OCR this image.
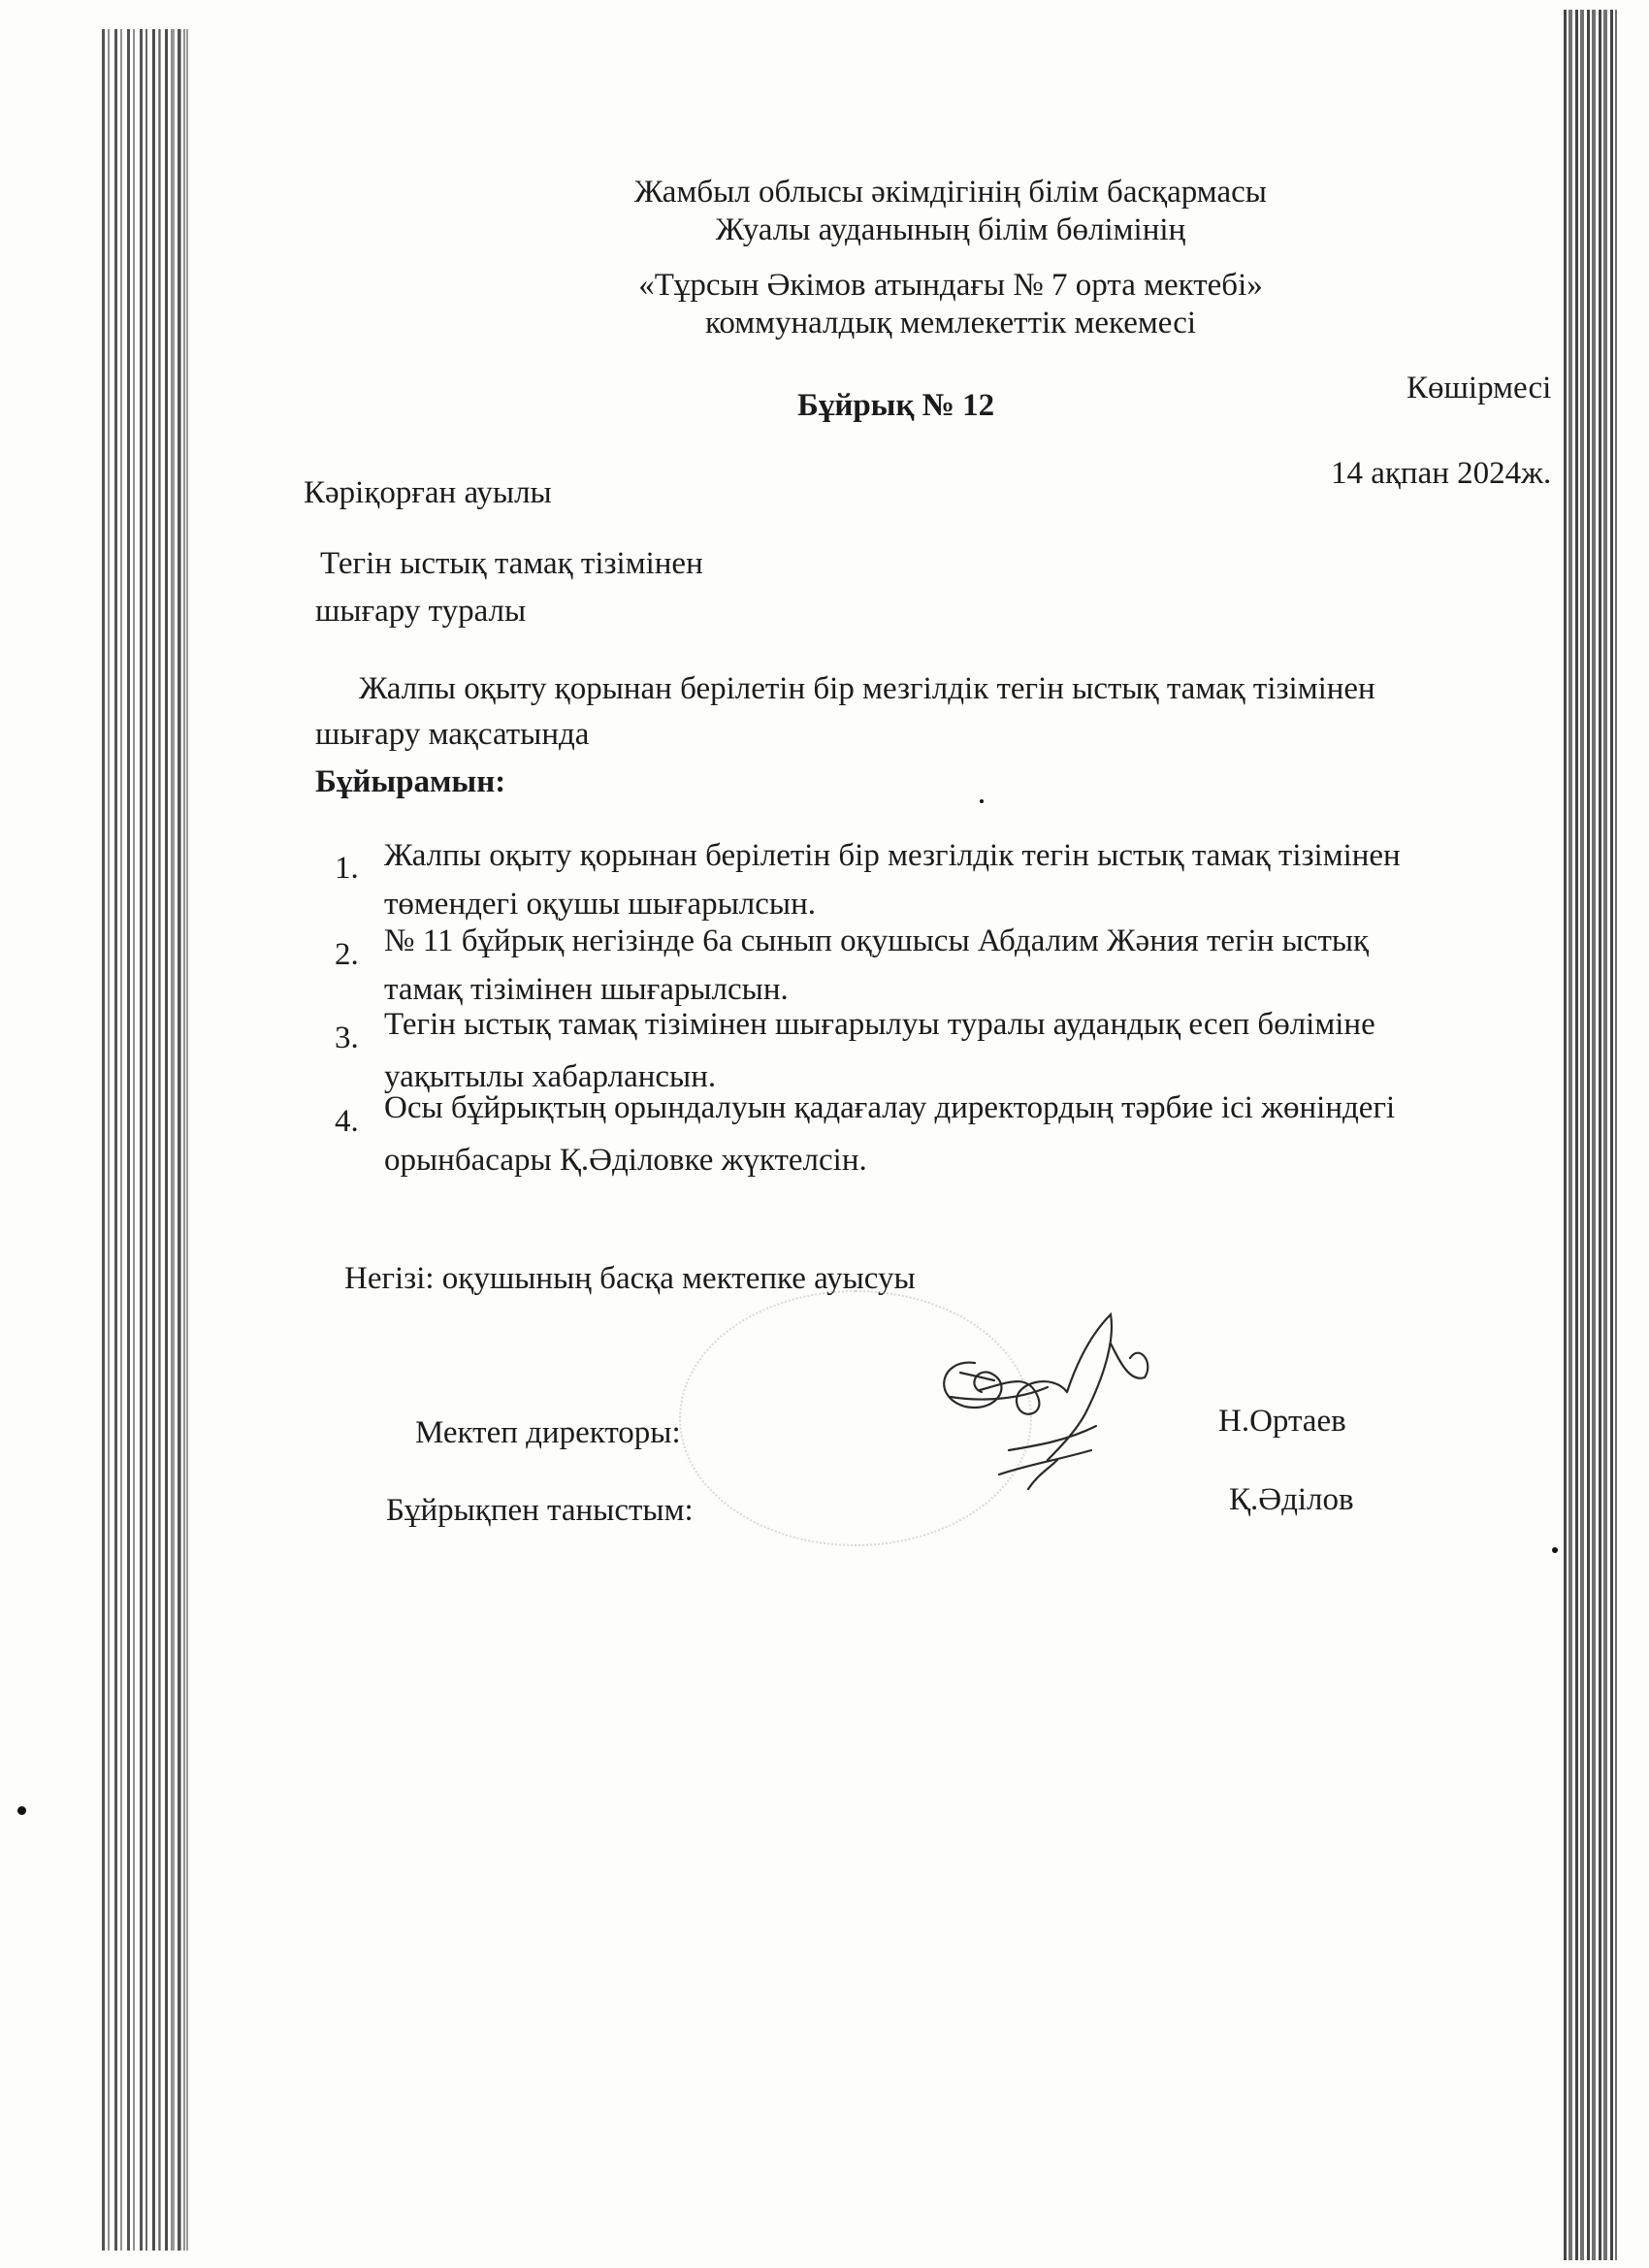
Жамбыл облысы әкімдігінің білім басқармасы
Жуалы ауданының білім бөлімінің
«Тұрсын Әкімов атындағы № 7 орта мектебі»
коммуналдық мемлекеттік мекемесі
Бұйрық № 12	Көшірмесі
Кәріқорған ауылы
14 ақпан 2024ж.
Тегін ыстық тамақ тізімінен
шығару туралы
Жалпы оқыту қорынан берілетін бір мезгілдік тегін ыстық тамақ тізімінен
шығару мақсатында
Бұйырамын:
1. Жалпы оқыту қорынан берілетін бір мезгілдік тегін ыстық тамақ тізімінен
төмендегі оқушы шығарылсын.
2. № 11 бұйрық негізінде 6а сынып оқушысы Абдалим Жәния тегін ыстық
тамақ тізімінен шығарылсын.
3. Тегін ыстық тамақ тізімінен шығарылуы туралы аудандық есеп бөліміне
уақытылы хабарлансын.
4. Осы бұйрықтың орындалуын қадағалау директордың тәрбие ісі жөніндегі
орынбасары Қ.Әділовке жүктелсін.
Негізі: оқушының басқа мектепке ауысуы
Мектеп директоры:	Н.Ортаев
Бұйрықпен таныстым:	Қ.Әділов
